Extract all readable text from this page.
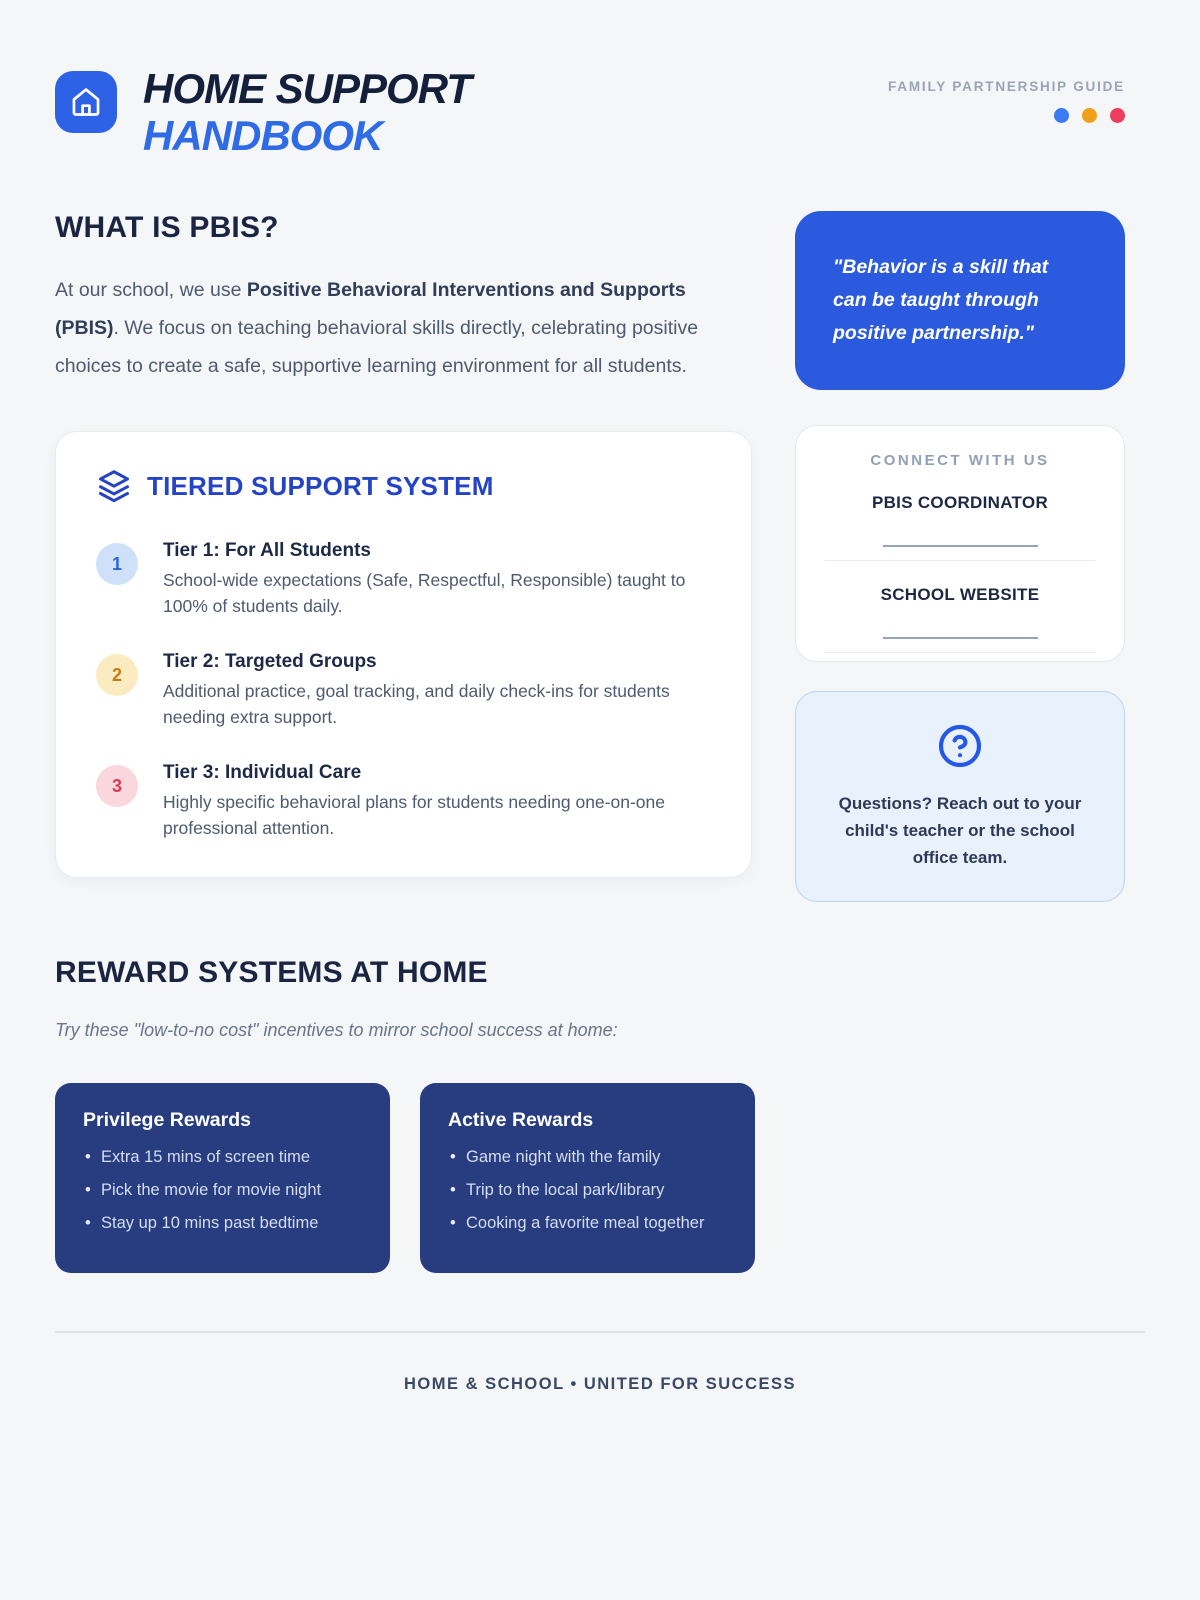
HOME SUPPORT
HANDBOOK
FAMILY PARTNERSHIP GUIDE
WHAT IS PBIS?

At our school, we use Positive Behavioral Interventions and Supports (PBIS). We focus on teaching behavioral skills directly, celebrating positive choices to create a safe, supportive learning environment for all students.

TIERED SUPPORT SYSTEM
1
Tier 1: For All Students
School-wide expectations (Safe, Respectful, Responsible) taught to 100% of students daily.
2
Tier 2: Targeted Groups
Additional practice, goal tracking, and daily check-ins for students needing extra support.
3
Tier 3: Individual Care
Highly specific behavioral plans for students needing one-on-one professional attention.
"Behavior is a skill that can be taught through positive partnership."
CONNECT WITH US
PBIS COORDINATOR
SCHOOL WEBSITE
Questions? Reach out to your child's teacher or the school office team.
REWARD SYSTEMS AT HOME
Try these "low-to-no cost" incentives to mirror school success at home:
Privilege Rewards
• Extra 15 mins of screen time
• Pick the movie for movie night
• Stay up 10 mins past bedtime
Active Rewards
• Game night with the family
• Trip to the local park/library
• Cooking a favorite meal together
HOME & SCHOOL • UNITED FOR SUCCESS
